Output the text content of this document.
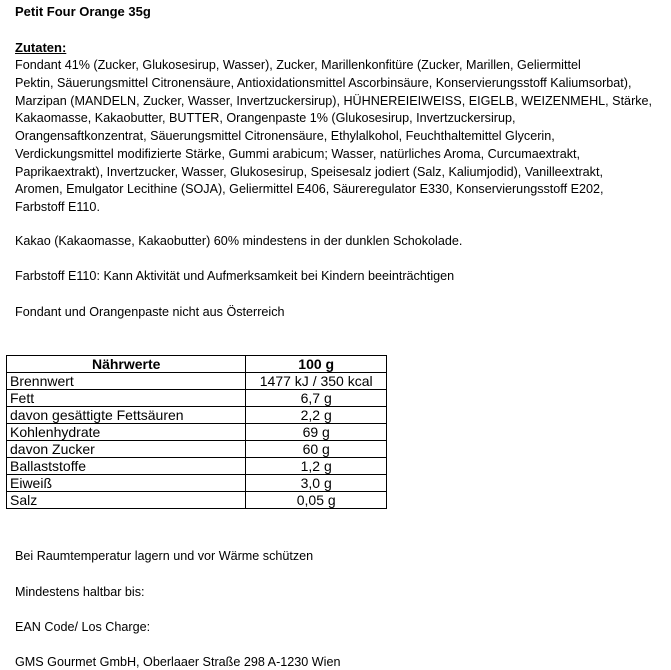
Petit Four Orange 35g
Zutaten:
Fondant 41% (Zucker, Glukosesirup, Wasser), Zucker, Marillenkonfitüre (Zucker, Marillen, Geliermittel
Pektin, Säuerungsmittel Citronensäure, Antioxidationsmittel Ascorbinsäure, Konservierungsstoff Kaliumsorbat),
Marzipan (MANDELN, Zucker, Wasser, Invertzuckersirup), HÜHNEREIEIWEISS, EIGELB, WEIZENMEHL, Stärke,
Kakaomasse, Kakaobutter, BUTTER, Orangenpaste 1% (Glukosesirup, Invertzuckersirup,
Orangensaftkonzentrat, Säuerungsmittel Citronensäure, Ethylalkohol, Feuchthaltemittel Glycerin,
Verdickungsmittel modifizierte Stärke, Gummi arabicum; Wasser, natürliches Aroma, Curcumaextrakt,
Paprikaextrakt), Invertzucker, Wasser, Glukosesirup, Speisesalz jodiert (Salz, Kaliumjodid), Vanilleextrakt,
Aromen, Emulgator Lecithine (SOJA), Geliermittel E406, Säureregulator E330, Konservierungsstoff E202,
Farbstoff E110.
Kakao (Kakaomasse, Kakaobutter) 60% mindestens in der dunklen Schokolade.
Farbstoff E110: Kann Aktivität und Aufmerksamkeit bei Kindern beeinträchtigen
Fondant und Orangenpaste nicht aus Österreich
Bei Raumtemperatur lagern und vor Wärme schützen
Mindestens haltbar bis:
EAN Code/ Los Charge:
GMS Gourmet GmbH, Oberlaaer Straße 298 A-1230 Wien
Nährwerte	100 g
Brennwert	1477 kJ / 350 kcal
Fett	6,7 g
davon gesättigte Fettsäuren	2,2 g
Kohlenhydrate	69 g
davon Zucker	60 g
Ballaststoffe	1,2 g
Eiweiß	3,0 g
Salz	0,05 g
